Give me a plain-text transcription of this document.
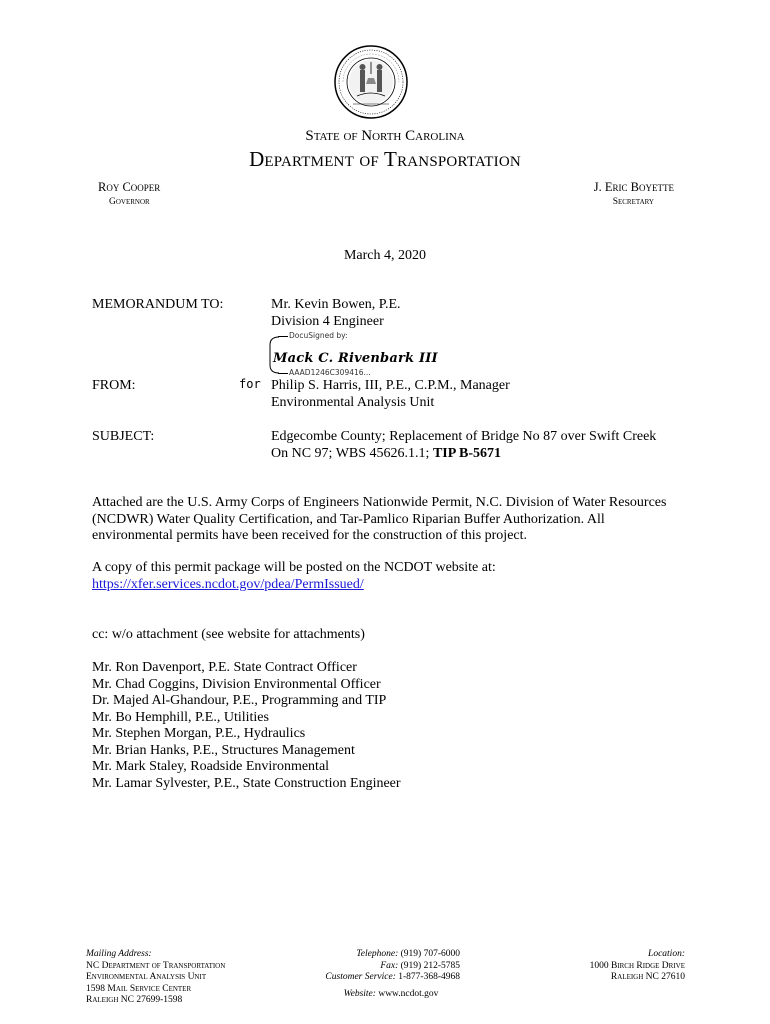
State of North Carolina
Department of Transportation
Roy Cooper
Governor
J. Eric Boyette
Secretary
March 4, 2020
MEMORANDUM TO:	Mr. Kevin Bowen, P.E.
Division 4 Engineer
DocuSigned by:
Mack C. Rivenbark III
AAAD1246C309416...
for
FROM:	Philip S. Harris, III, P.E., C.P.M., Manager
Environmental Analysis Unit
SUBJECT:	Edgecombe County; Replacement of Bridge No 87 over Swift Creek
On NC 97; WBS 45626.1.1; TIP B-5671
Attached are the U.S. Army Corps of Engineers Nationwide Permit, N.C. Division of Water Resources
(NCDWR) Water Quality Certification, and Tar-Pamlico Riparian Buffer Authorization. All
environmental permits have been received for the construction of this project.
A copy of this permit package will be posted on the NCDOT website at:
https://xfer.services.ncdot.gov/pdea/PermIssued/
cc: w/o attachment (see website for attachments)
Mr. Ron Davenport, P.E. State Contract Officer
Mr. Chad Coggins, Division Environmental Officer
Dr. Majed Al-Ghandour, P.E., Programming and TIP
Mr. Bo Hemphill, P.E., Utilities
Mr. Stephen Morgan, P.E., Hydraulics
Mr. Brian Hanks, P.E., Structures Management
Mr. Mark Staley, Roadside Environmental
Mr. Lamar Sylvester, P.E., State Construction Engineer
Mailing Address:
NC Department of Transportation
Environmental Analysis Unit
1598 Mail Service Center
Raleigh NC 27699-1598
Telephone: (919) 707-6000
Fax: (919) 212-5785
Customer Service: 1-877-368-4968
Website: www.ncdot.gov
Location:
1000 Birch Ridge Drive
Raleigh NC 27610
